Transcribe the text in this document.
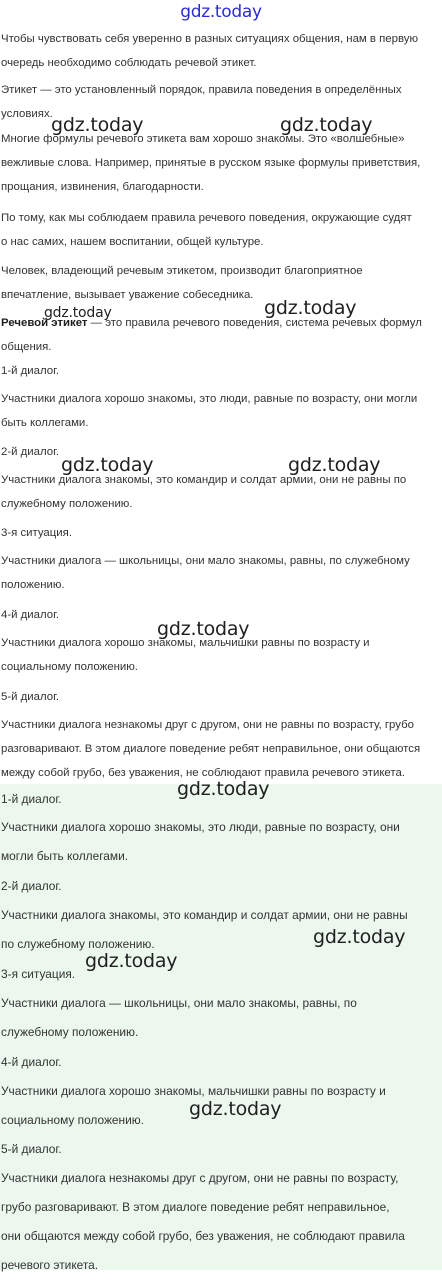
gdz.today
Чтобы чувствовать себя уверенно в разных ситуациях общения, нам в первую
очередь необходимо соблюдать речевой этикет.
Этикет — это установленный порядок, правила поведения в определённых
условиях.
Многие формулы речевого этикета вам хорошо знакомы. Это «волшебные»
вежливые слова. Например, принятые в русском языке формулы приветствия,
прощания, извинения, благодарности.
По тому, как мы соблюдаем правила речевого поведения, окружающие судят
о нас самих, нашем воспитании, общей культуре.
Человек, владеющий речевым этикетом, производит благоприятное
впечатление, вызывает уважение собеседника.
Речевой этикет — это правила речевого поведения, система речевых формул
общения.
1-й диалог.
Участники диалога хорошо знакомы, это люди, равные по возрасту, они могли
быть коллегами.
2-й диалог.
Участники диалога знакомы, это командир и солдат армии, они не равны по
служебному положению.
3-я ситуация.
Участники диалога — школьницы, они мало знакомы, равны, по служебному
положению.
4-й диалог.
Участники диалога хорошо знакомы, мальчишки равны по возрасту и
социальному положению.
5-й диалог.
Участники диалога незнакомы друг с другом, они не равны по возрасту, грубо
разговаривают. В этом диалоге поведение ребят неправильное, они общаются
между собой грубо, без уважения, не соблюдают правила речевого этикета.
1-й диалог.
Участники диалога хорошо знакомы, это люди, равные по возрасту, они
могли быть коллегами.
2-й диалог.
Участники диалога знакомы, это командир и солдат армии, они не равны
по служебному положению.
3-я ситуация.
Участники диалога — школьницы, они мало знакомы, равны, по
служебному положению.
4-й диалог.
Участники диалога хорошо знакомы, мальчишки равны по возрасту и
социальному положению.
5-й диалог.
Участники диалога незнакомы друг с другом, они не равны по возрасту,
грубо разговаривают. В этом диалоге поведение ребят неправильное,
они общаются между собой грубо, без уважения, не соблюдают правила
речевого этикета.
gdz.today	gdz.today
gdz.today	gdz.today
gdz.today	gdz.today
gdz.today
gdz.today
gdz.today
gdz.today
gdz.today
